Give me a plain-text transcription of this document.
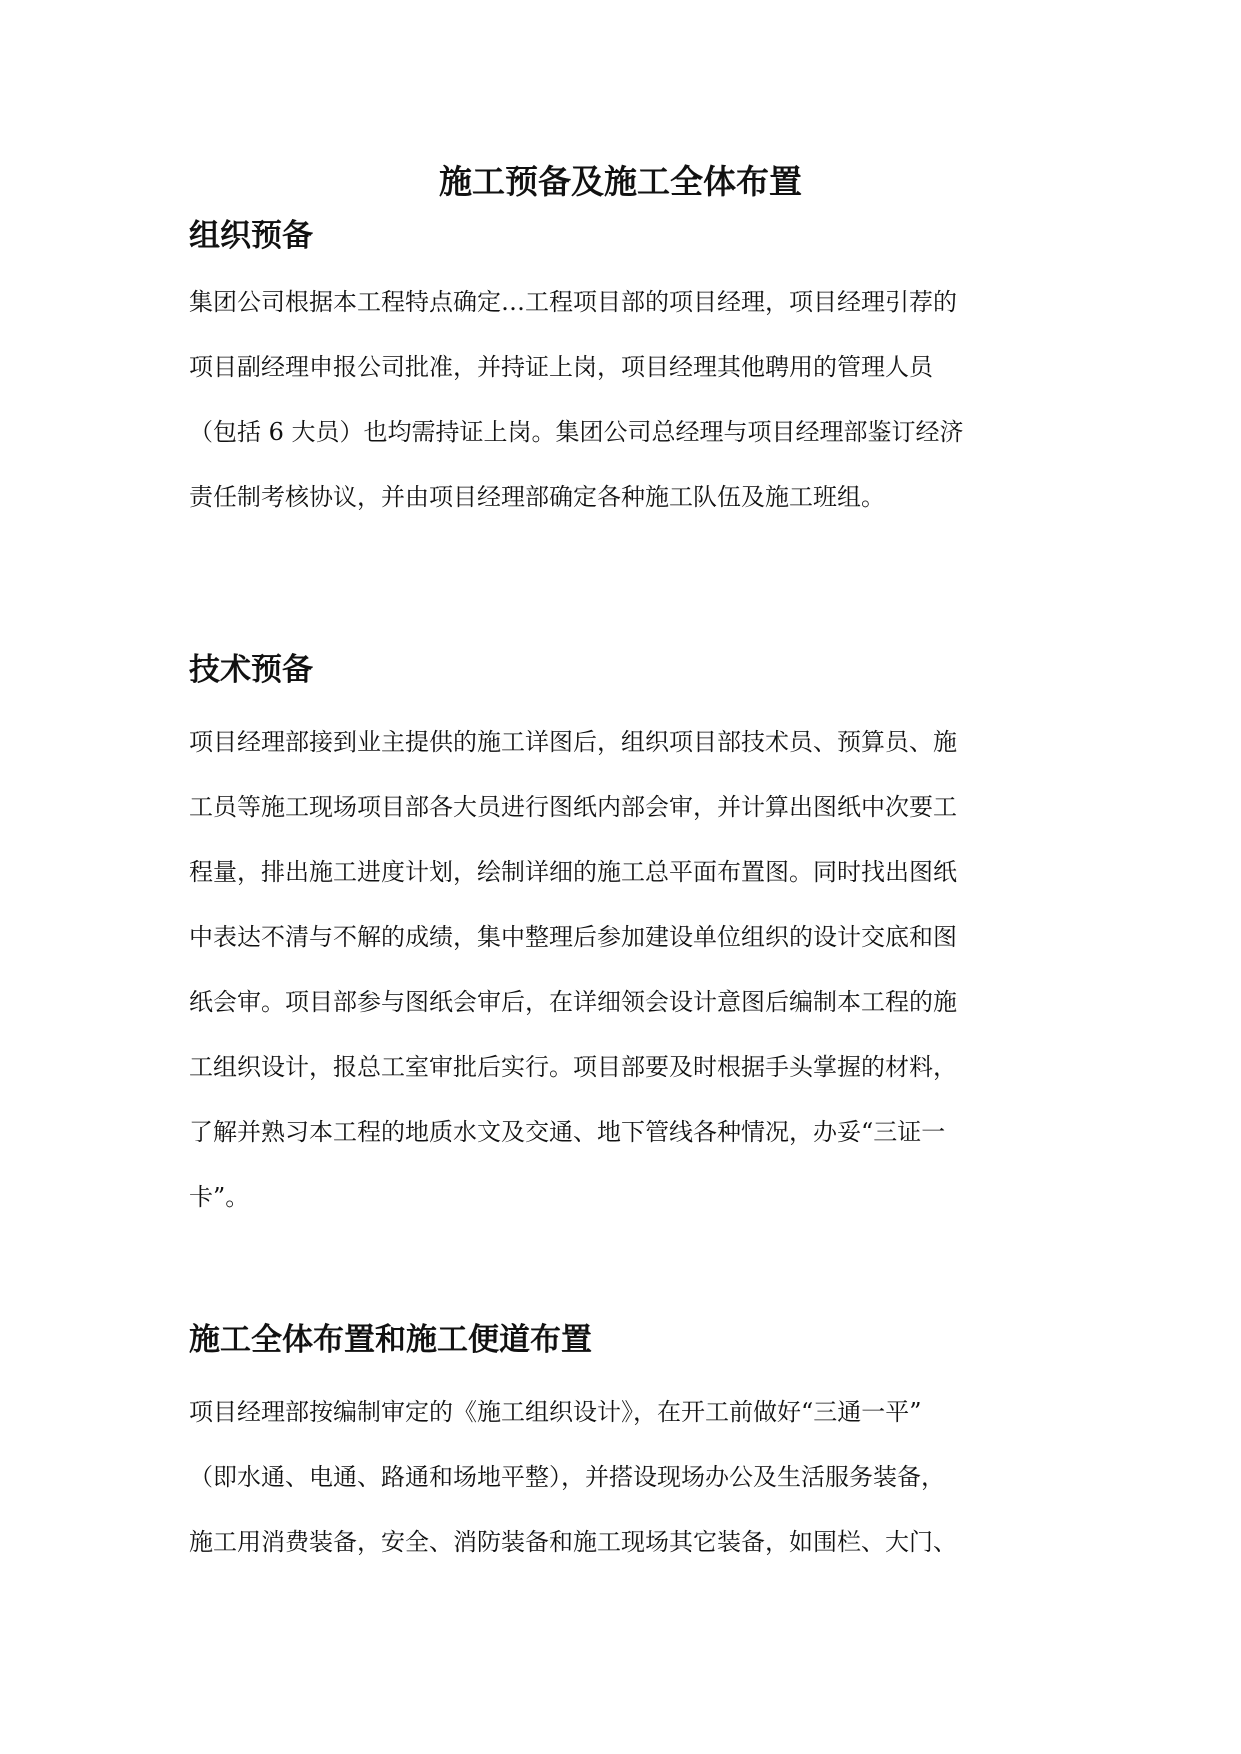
施工预备及施工全体布置
组织预备

集团公司根据本工程特点确定…工程项目部的项目经理，项目经理引荐的
项目副经理申报公司批准，并持证上岗，项目经理其他聘用的管理人员
（包括 6 大员）也均需持证上岗。集团公司总经理与项目经理部鉴订经济
责任制考核协议，并由项目经理部确定各种施工队伍及施工班组。

技术预备

项目经理部接到业主提供的施工详图后，组织项目部技术员、预算员、施
工员等施工现场项目部各大员进行图纸内部会审，并计算出图纸中次要工
程量，排出施工进度计划，绘制详细的施工总平面布置图。同时找出图纸
中表达不清与不解的成绩，集中整理后参加建设单位组织的设计交底和图
纸会审。项目部参与图纸会审后，在详细领会设计意图后编制本工程的施
工组织设计，报总工室审批后实行。项目部要及时根据手头掌握的材料，
了解并熟习本工程的地质水文及交通、地下管线各种情况，办妥“三证一
卡”。

施工全体布置和施工便道布置

项目经理部按编制审定的《施工组织设计》，在开工前做好“三通一平”
（即水通、电通、路通和场地平整），并搭设现场办公及生活服务装备，
施工用消费装备，安全、消防装备和施工现场其它装备，如围栏、大门、
